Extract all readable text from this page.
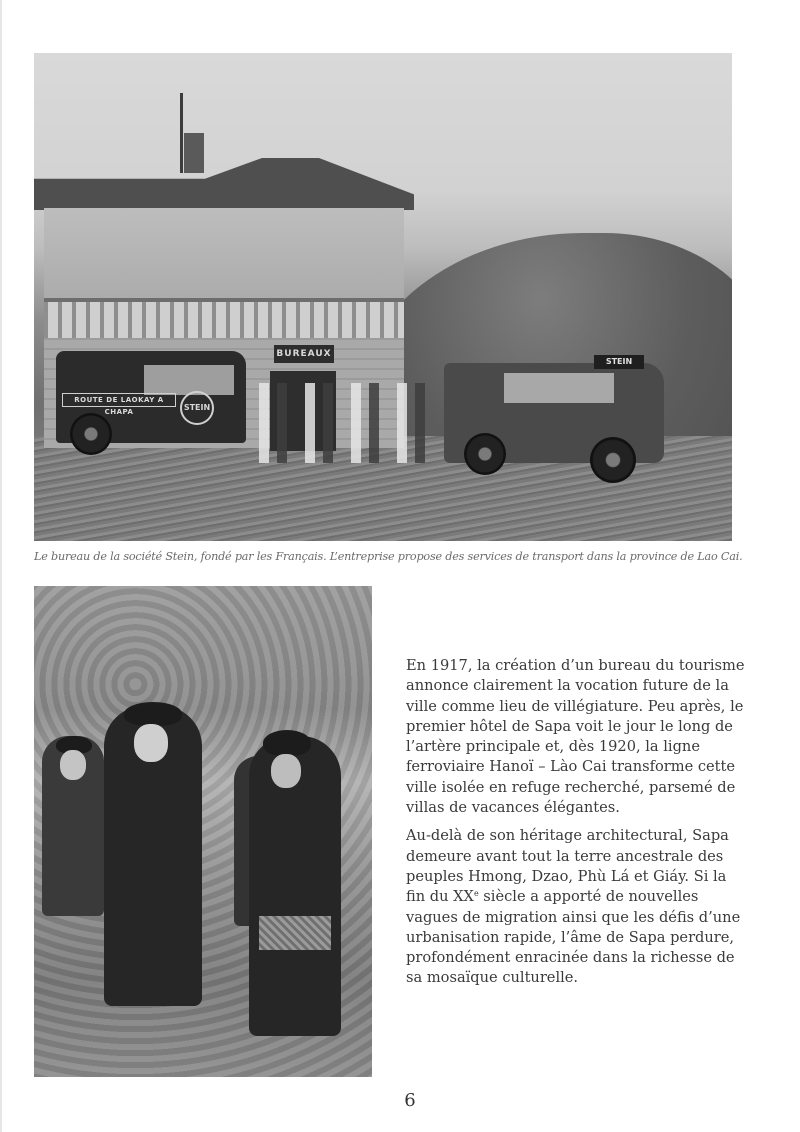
BUREAUX
ROUTE DE LAOKAY A CHAPA	STEIN
STEIN
Le bureau de la société Stein, fondé par les Français. L’entreprise propose des services de transport dans la province de Lao Cai.

En 1917, la création d’un bureau du tourisme annonce clairement la vocation future de la ville comme lieu de villégiature. Peu après, le premier hôtel de Sapa voit le jour le long de l’artère principale et, dès 1920, la ligne ferroviaire Hanoï – Lào Cai transforme cette ville isolée en refuge recherché, parsemé de villas de vacances élégantes.

Au-delà de son héritage architectural, Sapa demeure avant tout la terre ancestrale des peuples Hmong, Dzao, Phù Lá et Giáy. Si la fin du XXe siècle a apporté de nouvelles vagues de migration ainsi que les défis d’une urbanisation rapide, l’âme de Sapa perdure, profondément enracinée dans la richesse de sa mosaïque culturelle.

6
